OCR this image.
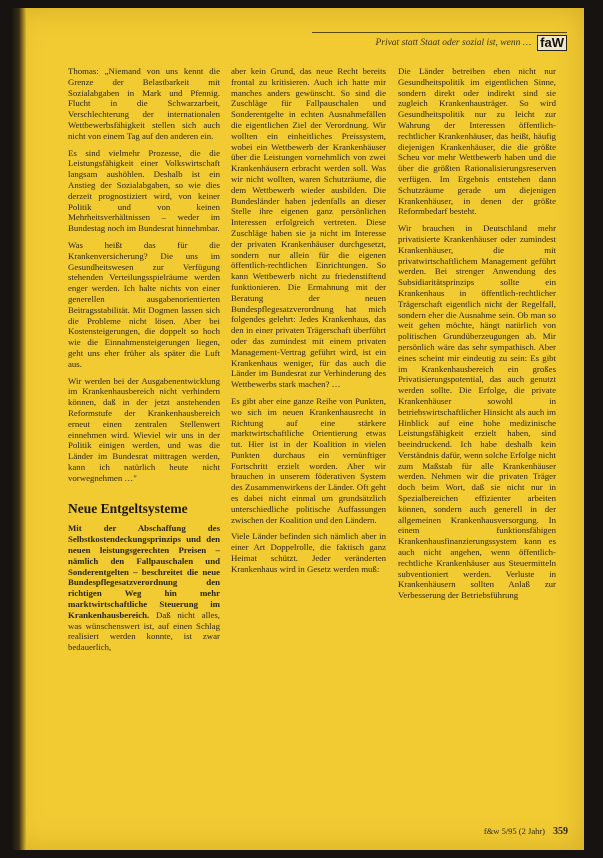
Privat statt Staat oder sozial ist, wenn … faW

Thomas: „Niemand von uns kennt die Grenze der Belastbarkeit mit Sozialabgaben in Mark und Pfennig. Flucht in die Schwarzarbeit, Verschlechterung der internationalen Wettbewerbsfähigkeit stellen sich auch nicht von einem Tag auf den anderen ein.

Es sind vielmehr Prozesse, die die Leistungsfähigkeit einer Volkswirtschaft langsam aushöhlen. Deshalb ist ein Anstieg der Sozialabgaben, so wie dies derzeit prognostiziert wird, von keiner Politik und von keinen Mehrheitsverhältnissen – weder im Bundestag noch im Bundesrat hinnehmbar.

Was heißt das für die Krankenversicherung? Die uns im Gesundheitswesen zur Verfügung stehenden Verteilungsspielräume werden enger werden. Ich halte nichts von einer generellen ausgabenorientierten Beitragsstabilität. Mit Dogmen lassen sich die Probleme nicht lösen. Aber bei Kostensteigerungen, die doppelt so hoch wie die Einnahmensteigerungen liegen, geht uns eher früher als später die Luft aus.

Wir werden bei der Ausgabenentwicklung im Krankenhausbereich nicht verhindern können, daß in der jetzt anstehenden Reformstufe der Krankenhausbereich erneut einen zentralen Stellenwert einnehmen wird. Wieviel wir uns in der Politik einigen werden, und was die Länder im Bundesrat mittragen werden, kann ich natürlich heute nicht vorwegnehmen …"

Neue Entgeltsysteme

Mit der Abschaffung des Selbstkostendeckungsprinzips und den neuen leistungsgerechten Preisen – nämlich den Fallpauschalen und Sonderentgelten – beschreitet die neue Bundespflegesatzverordnung den richtigen Weg hin mehr marktwirtschaftliche Steuerung im Krankenhausbereich. Daß nicht alles, was wünschenswert ist, auf einen Schlag realisiert werden konnte, ist zwar bedauerlich,

aber kein Grund, das neue Recht bereits frontal zu kritisieren. Auch ich hatte mir manches anders gewünscht. So sind die Zuschläge für Fallpauschalen und Sonderentgelte in echten Ausnahmefällen die eigentlichen Ziel der Verordnung. Wir wollten ein einheitliches Preissystem, wobei ein Wettbewerb der Krankenhäuser über die Leistungen vornehmlich von zwei Krankenhäusern erbracht werden soll. Was wir nicht wollten, waren Schutzräume, die dem Wettbewerb wieder ausbilden. Die Bundesländer haben jedenfalls an dieser Stelle ihre eigenen ganz persönlichen Interessen erfolgreich vertreten. Diese Zuschläge haben sie ja nicht im Interesse der privaten Krankenhäuser durchgesetzt, sondern nur allein für die eigenen öffentlich-rechtlichen Einrichtungen. So kann Wettbewerb nicht zu friedenstiftend funktionieren. Die Ermahnung mit der Beratung der neuen Bundespflegesatzverordnung hat mich folgendes gelehrt: Jedes Krankenhaus, das den in einer privaten Trägerschaft überführt oder das zumindest mit einem privaten Management-Vertrag geführt wird, ist ein Krankenhaus weniger, für das auch die Länder im Bundesrat zur Verhinderung des Wettbewerbs stark machen? …

Es gibt aber eine ganze Reihe von Punkten, wo sich im neuen Krankenhausrecht in Richtung auf eine stärkere marktwirtschaftliche Orientierung etwas tut. Hier ist in der Koalition in vielen Punkten durchaus ein vernünftiger Fortschritt erzielt worden. Aber wir brauchen in unserem föderativen System des Zusammenwirkens der Länder. Oft geht es dabei nicht einmal um grundsätzlich unterschiedliche politische Auffassungen zwischen der Koalition und den Ländern.

Viele Länder befinden sich nämlich aber in einer Art Doppelrolle, die faktisch ganz Heimat schützt. Jeder veränderten Krankenhaus wird in Gesetz werden muß:

Die Länder betreiben eben nicht nur Gesundheitspolitik im eigentlichen Sinne, sondern direkt oder indirekt sind sie zugleich Krankenhausträger. So wird Gesundheitspolitik nur zu leicht zur Wahrung der Interessen öffentlich-rechtlicher Krankenhäuser, das heißt, häufig diejenigen Krankenhäuser, die die größte Scheu vor mehr Wettbewerb haben und die über die größten Rationalisierungsreserven verfügen. Im Ergebnis entstehen dann Schutzräume gerade um diejenigen Krankenhäuser, in denen der größte Reformbedarf besteht.

Wir brauchen in Deutschland mehr privatisierte Krankenhäuser oder zumindest Krankenhäuser, die mit privatwirtschaftlichem Management geführt werden. Bei strenger Anwendung des Subsidiaritätsprinzips sollte ein Krankenhaus in öffentlich-rechtlicher Trägerschaft eigentlich nicht der Regelfall, sondern eher die Ausnahme sein. Ob man so weit gehen möchte, hängt natürlich von politischen Grundüberzeugungen ab. Mir persönlich wäre das sehr sympathisch. Aber eines scheint mir eindeutig zu sein: Es gibt im Krankenhausbereich ein großes Privatisierungspotential, das auch genutzt werden sollte. Die Erfolge, die private Krankenhäuser sowohl in betriebswirtschaftlicher Hinsicht als auch im Hinblick auf eine hohe medizinische Leistungsfähigkeit erzielt haben, sind beeindruckend. Ich habe deshalb kein Verständnis dafür, wenn solche Erfolge nicht zum Maßstab für alle Krankenhäuser werden. Nehmen wir die privaten Träger doch beim Wort, daß sie nicht nur in Spezialbereichen effizienter arbeiten können, sondern auch generell in der allgemeinen Krankenhausversorgung. In einem funktionsfähigen Krankenhausfinanzierungssystem kann es auch nicht angehen, wenn öffentlich-rechtliche Krankenhäuser aus Steuermitteln subventioniert werden. Verluste in Krankenhäusern sollten Anlaß zur Verbesserung der Betriebsführung

f&w 5/95 (2 Jahr) 359
